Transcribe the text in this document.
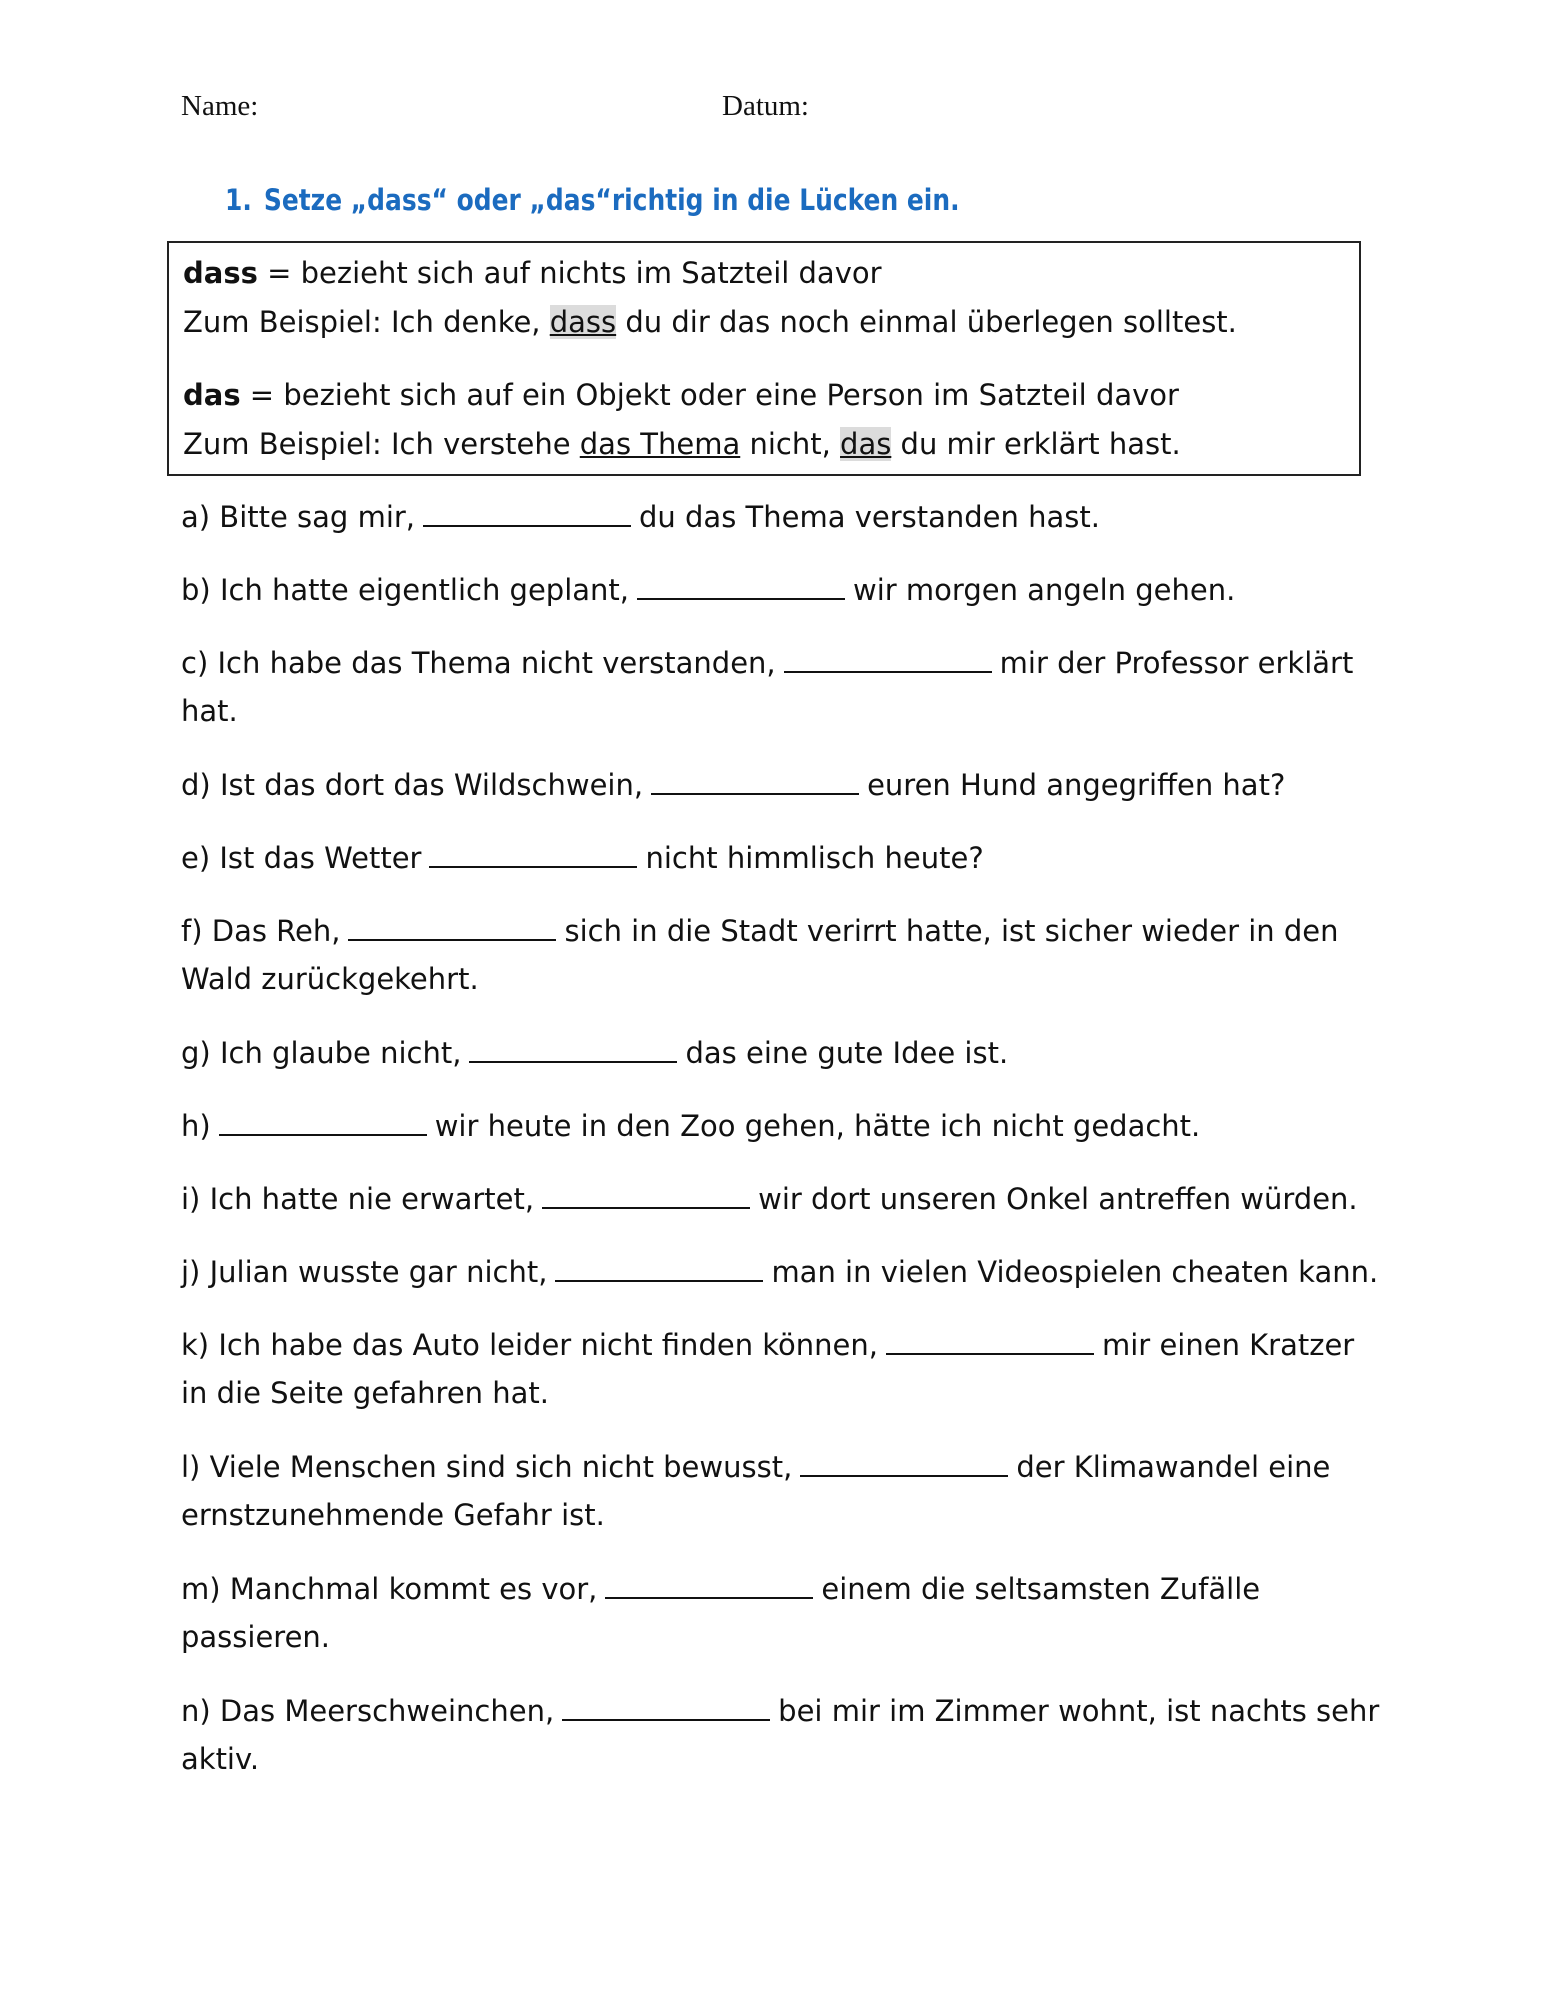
Name:	Datum:
1. Setze „dass“ oder „das“richtig in die Lücken ein.
dass = bezieht sich auf nichts im Satzteil davor
Zum Beispiel: Ich denke, dass du dir das noch einmal überlegen solltest.
das = bezieht sich auf ein Objekt oder eine Person im Satzteil davor
Zum Beispiel: Ich verstehe das Thema nicht, das du mir erklärt hast.
a) Bitte sag mir,	du das Thema verstanden hast.
b) Ich hatte eigentlich geplant,	wir morgen angeln gehen.
c) Ich habe das Thema nicht verstanden,	mir der Professor erklärt hat.
d) Ist das dort das Wildschwein,	euren Hund angegriffen hat?
e) Ist das Wetter	nicht himmlisch heute?
f) Das Reh,	sich in die Stadt verirrt hatte, ist sicher wieder in den Wald zurückgekehrt.
g) Ich glaube nicht,	das eine gute Idee ist.
h)	wir heute in den Zoo gehen, hätte ich nicht gedacht.
i) Ich hatte nie erwartet,	wir dort unseren Onkel antreffen würden.
j) Julian wusste gar nicht,	man in vielen Videospielen cheaten kann.
k) Ich habe das Auto leider nicht finden können,	mir einen Kratzer in die Seite gefahren hat.
l) Viele Menschen sind sich nicht bewusst,	der Klimawandel eine ernstzunehmende Gefahr ist.
m) Manchmal kommt es vor,	einem die seltsamsten Zufälle passieren.
n) Das Meerschweinchen,	bei mir im Zimmer wohnt, ist nachts sehr aktiv.
